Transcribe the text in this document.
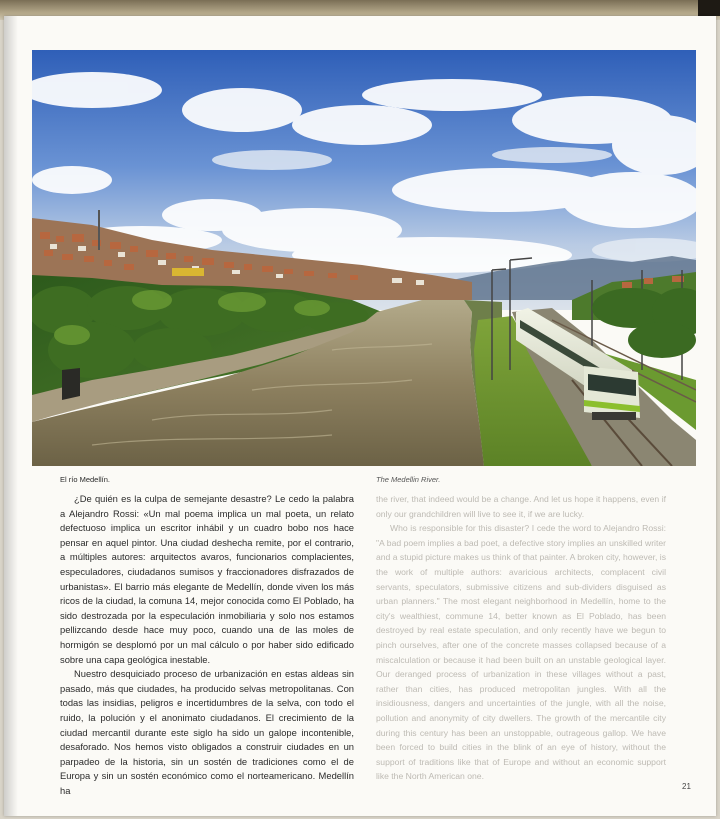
El río Medellín.	The Medellin River.

¿De quién es la culpa de semejante desastre? Le cedo la palabra a Alejandro Rossi: «Un mal poema implica un mal poeta, un relato defectuoso implica un escritor inhábil y un cuadro bobo nos hace pensar en aquel pintor. Una ciudad deshecha remite, por el contrario, a múltiples autores: arquitectos avaros, funcionarios complacientes, especuladores, ciudadanos sumisos y fraccionadores disfrazados de urbanistas». El barrio más elegante de Medellín, donde viven los más ricos de la ciudad, la comuna 14, mejor conocida como El Poblado, ha sido destrozada por la especulación inmobiliaria y solo nos estamos pellizcando desde hace muy poco, cuando una de las moles de hormigón se desplomó por un mal cálculo o por haber sido edificado sobre una capa geológica inestable.

Nuestro desquiciado proceso de urbanización en estas aldeas sin pasado, más que ciudades, ha producido selvas metropolitanas. Con todas las insidias, peligros e incertidumbres de la selva, con todo el ruido, la polución y el anonimato ciudadanos. El crecimiento de la ciudad mercantil durante este siglo ha sido un galope incontenible, desaforado. Nos hemos visto obligados a construir ciudades en un parpadeo de la historia, sin un sostén de tradiciones como el de Europa y sin un sostén económico como el norteamericano. Medellín ha

the river, that indeed would be a change. And let us hope it happens, even if only our grandchildren will live to see it, if we are lucky.

Who is responsible for this disaster? I cede the word to Alejandro Rossi: "A bad poem implies a bad poet, a defective story implies an unskilled writer and a stupid picture makes us think of that painter. A broken city, however, is the work of multiple authors: avaricious architects, complacent civil servants, speculators, submissive citizens and sub-dividers disguised as urban planners." The most elegant neighborhood in Medellín, home to the city's wealthiest, commune 14, better known as El Poblado, has been destroyed by real estate speculation, and only recently have we begun to pinch ourselves, after one of the concrete masses collapsed because of a miscalculation or because it had been built on an unstable geological layer. Our deranged process of urbanization in these villages without a past, rather than cities, has produced metropolitan jungles. With all the insidiousness, dangers and uncertainties of the jungle, with all the noise, pollution and anonymity of city dwellers. The growth of the mercantile city during this century has been an unstoppable, outrageous gallop. We have been forced to build cities in the blink of an eye of history, without the support of traditions like that of Europe and without an economic support like the North American one.

21
